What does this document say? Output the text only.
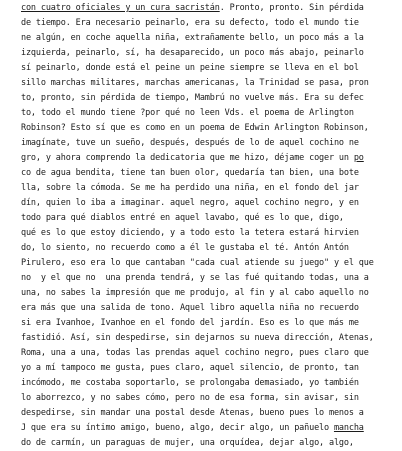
con cuatro oficiales y un cura sacristán. Pronto, pronto. Sin pérdida
de tiempo. Era necesario peinarlo, era su defecto, todo el mundo tie
ne algún, en coche aquella niña, extrañamente bello, un poco más a la
izquierda, peinarlo, sí, ha desaparecido, un poco más abajo, peinarlo
sí peinarlo, donde está el peine un peine siempre se lleva en el bol
sillo marchas militares, marchas americanas, la Trinidad se pasa, pron
to, pronto, sin pérdida de tiempo, Mambrú no vuelve más. Era su defec
to, todo el mundo tiene ?por qué no leen Vds. el poema de Arlington
Robinson? Esto sí que es como en un poema de Edwin Arlington Robinson,
imagínate, tuve un sueño, después, después de lo de aquel cochino ne
gro, y ahora comprendo la dedicatoria que me hizo, déjame coger un po
co de agua bendita, tiene tan buen olor, quedaría tan bien, una bote
lla, sobre la cómoda. Se me ha perdido una niña, en el fondo del jar
dín, quien lo iba a imaginar. aquel negro, aquel cochino negro, y en
todo para qué diablos entré en aquel lavabo, qué es lo que, digo,
qué es lo que estoy diciendo, y a todo esto la tetera estará hirvien
do, lo siento, no recuerdo como a él le gustaba el té. Antón Antón
Pirulero, eso era lo que cantaban "cada cual atiende su juego" y el que
no  y el que no  una prenda tendrá, y se las fué quitando todas, una a
una, no sabes la impresión que me produjo, al fin y al cabo aquello no
era más que una salida de tono. Aquel libro aquella niña no recuerdo
si era Ivanhoe, Ivanhoe en el fondo del jardín. Eso es lo que más me
fastidió. Así, sin despedirse, sin dejarnos su nueva dirección, Atenas,
Roma, una a una, todas las prendas aquel cochino negro, pues claro que
yo a mí tampoco me gusta, pues claro, aquel silencio, de pronto, tan
incómodo, me costaba soportarlo, se prolongaba demasiado, yo también
lo aborrezco, y no sabes cómo, pero no de esa forma, sin avisar, sin
despedirse, sin mandar una postal desde Atenas, bueno pues lo menos a
J que era su íntimo amigo, bueno, algo, decir algo, un pañuelo mancha
do de carmín, un paraguas de mujer, una orquídea, dejar algo, algo,
